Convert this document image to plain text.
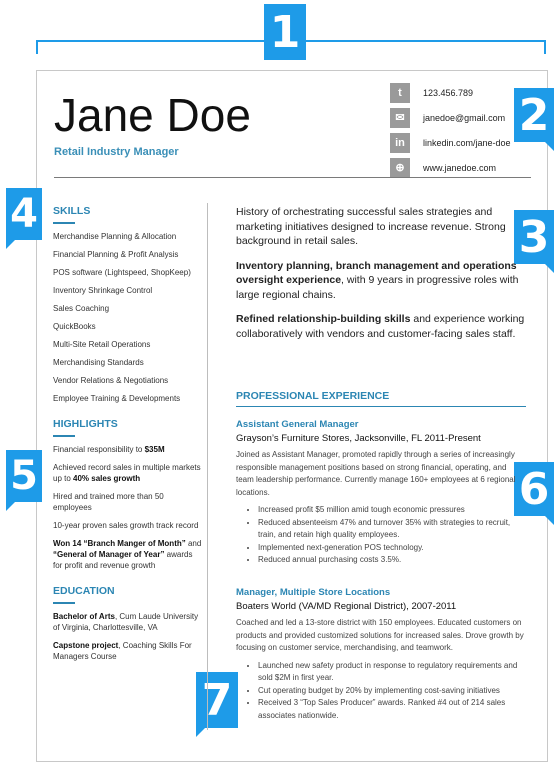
1
2
3
4
5	6
7
Jane Doe
Retail Industry Manager
t	123.456.789
✉	janedoe@gmail.com
in	linkedin.com/jane-doe
⊕	www.janedoe.com
SKILLS
Merchandise Planning & Allocation
Financial Planning & Profit Analysis
POS software (Lightspeed, ShopKeep)
Inventory Shrinkage Control
Sales Coaching
QuickBooks
Multi-Site Retail Operations
Merchandising Standards
Vendor Relations & Negotiations
Employee Training & Developments
HIGHLIGHTS
Financial responsibility to $35M
Achieved record sales in multiple markets up to 40% sales growth
Hired and trained more than 50 employees
10-year proven sales growth track record
Won 14 “Branch Manger of Month” and “General of Manager of Year” awards for profit and revenue growth
EDUCATION
Bachelor of Arts, Cum Laude University of Virginia, Charlottesville, VA
Capstone project, Coaching Skills For Managers Course

History of orchestrating successful sales strategies and marketing initiatives designed to increase revenue. Strong background in retail sales.

Inventory planning, branch management and operations oversight experience, with 9 years in progressive roles with large regional chains.

Refined relationship-building skills and experience working collaboratively with vendors and customer-facing sales staff.

PROFESSIONAL EXPERIENCE
Assistant General Manager
Grayson’s Furniture Stores, Jacksonville, FL 2011-Present
Joined as Assistant Manager, promoted rapidly through a series of increasingly responsible management positions based on strong financial, operating, and team leadership performance. Currently manage 160+ employees at 6 regional locations.
• Increased profit $5 million amid tough economic pressures
• Reduced absenteeism 47% and turnover 35% with strategies to recruit, train, and retain high quality employees.
• Implemented next-generation POS technology.
• Reduced annual purchasing costs 3.5%.
Manager, Multiple Store Locations
Boaters World (VA/MD Regional District), 2007-2011
Coached and led a 13-store district with 150 employees. Educated customers on products and provided customized solutions for increased sales. Drove growth by focusing on customer service, merchandising, and teamwork.
• Launched new safety product in response to regulatory requirements and sold $2M in first year.
• Cut operating budget by 20% by implementing cost-saving initiatives
• Received 3 “Top Sales Producer” awards. Ranked #4 out of 214 sales associates nationwide.
